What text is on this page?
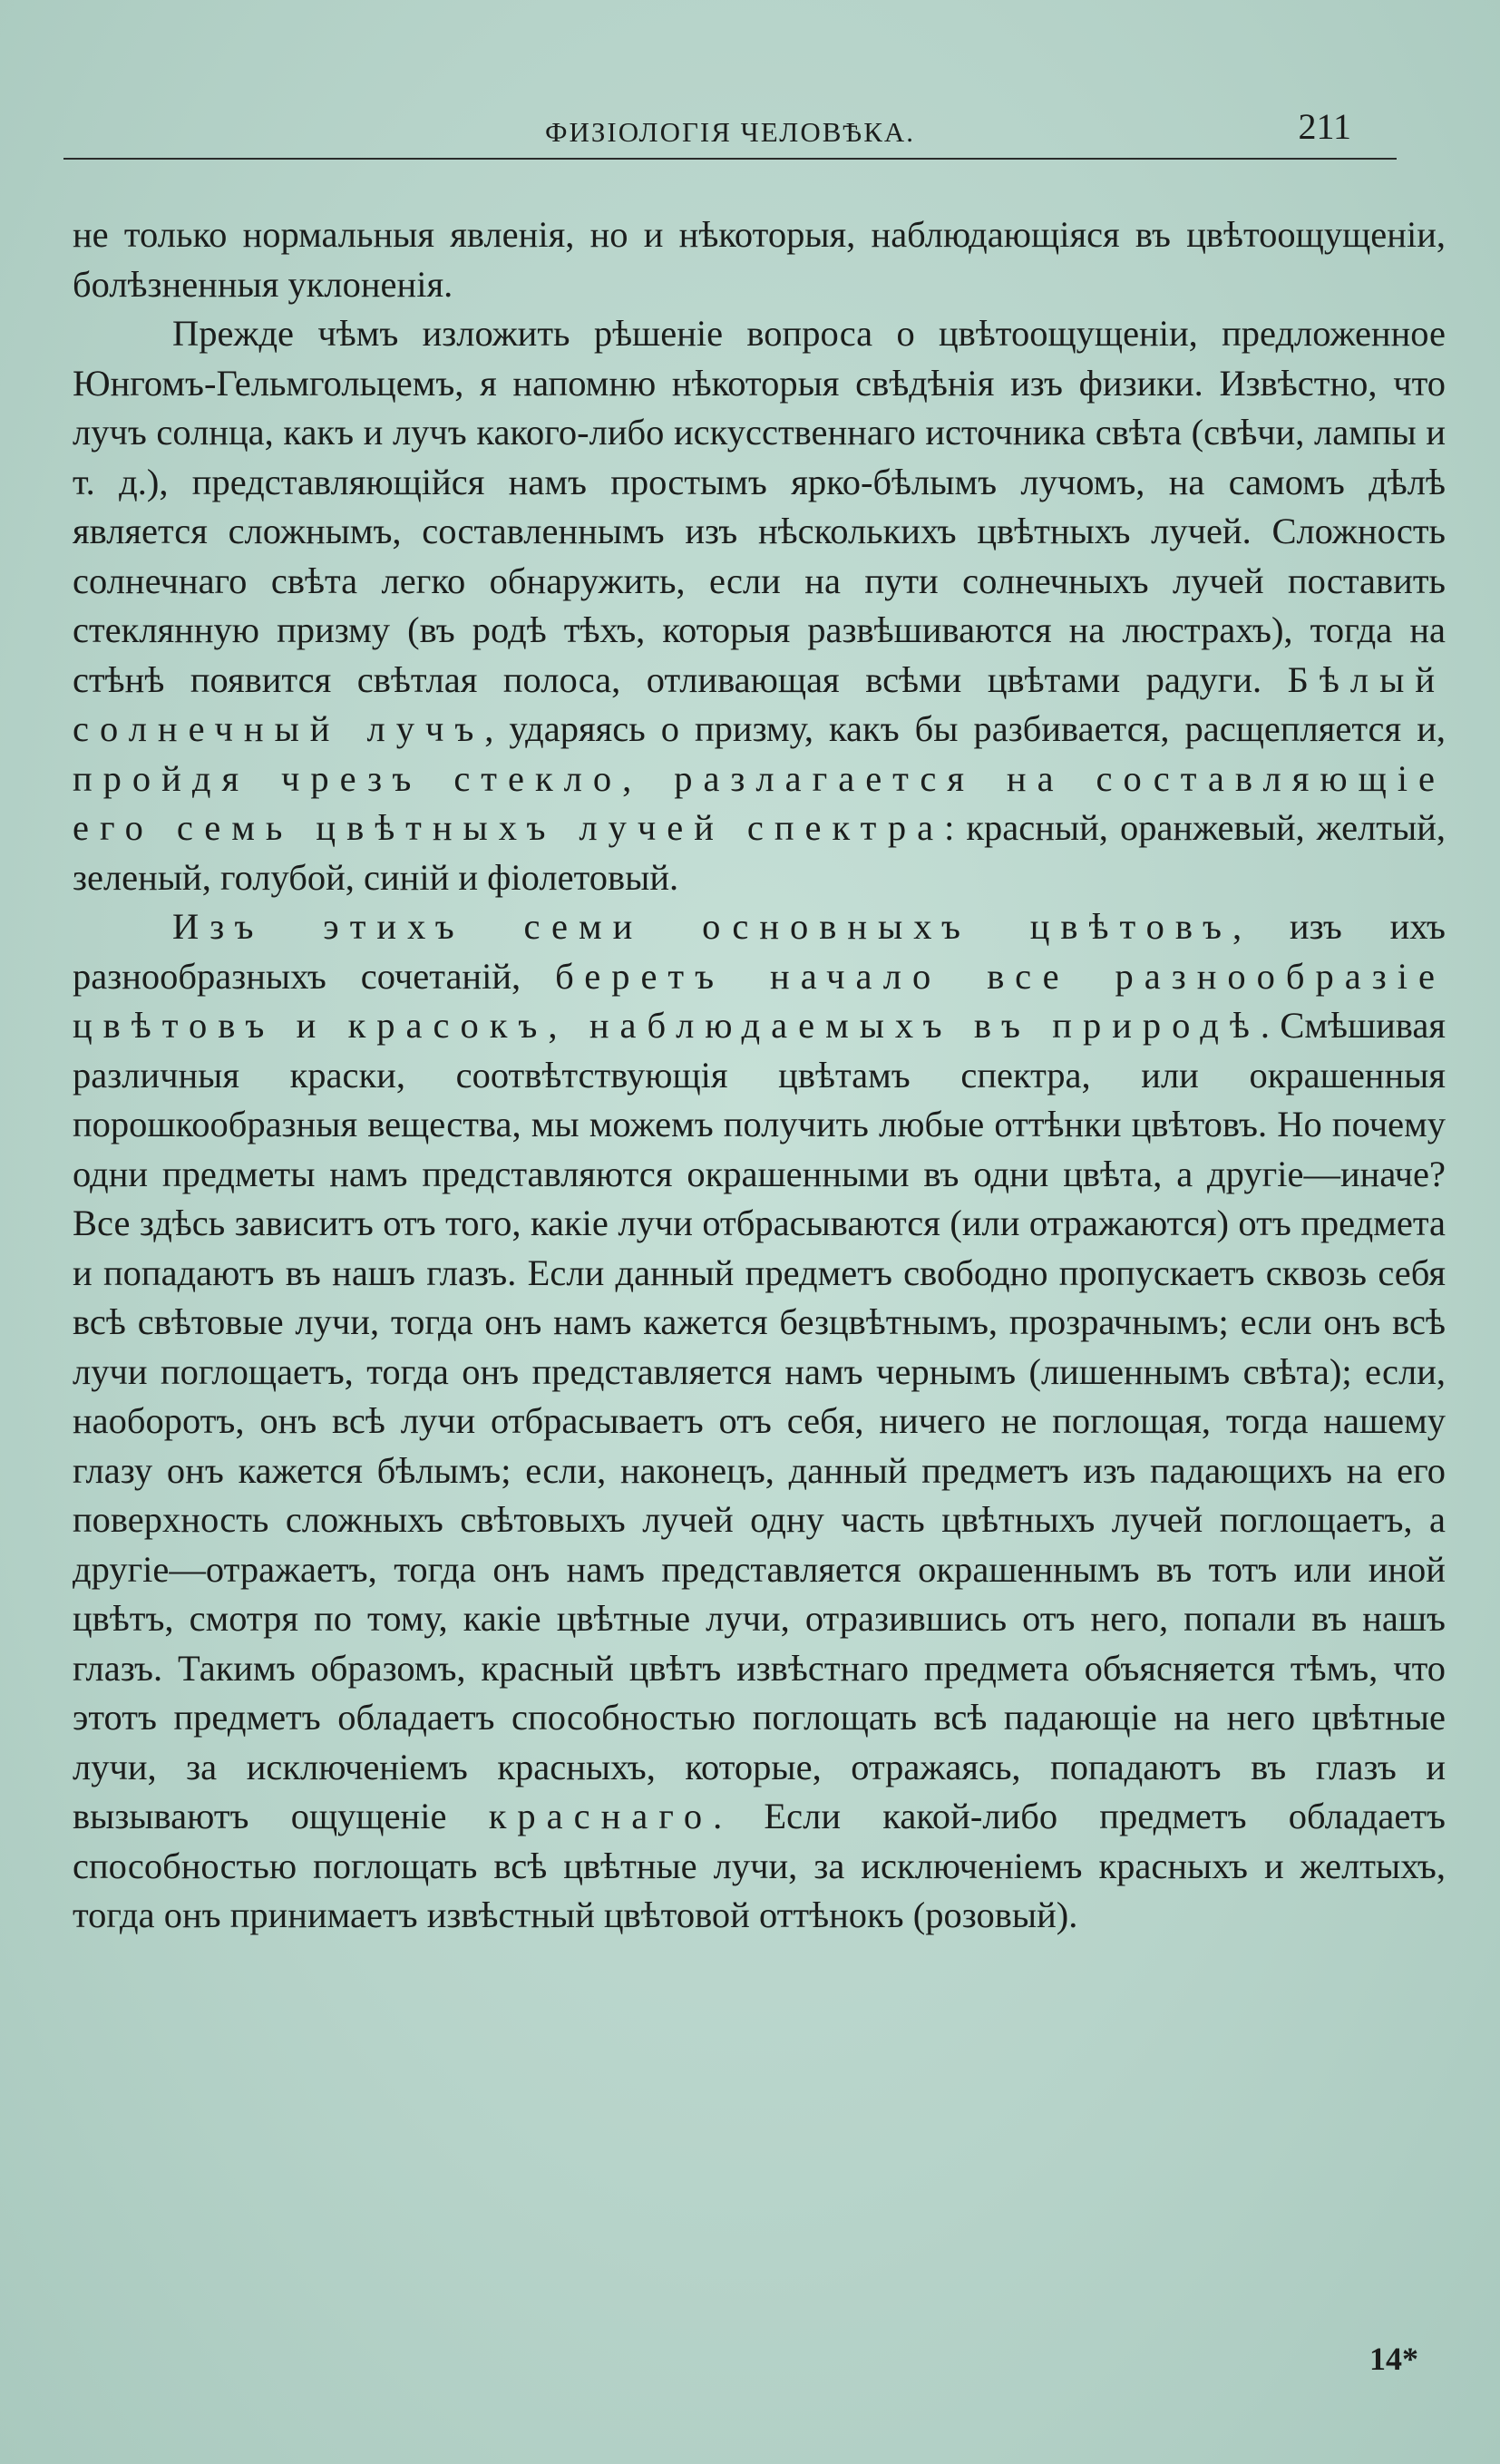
ФИЗІОЛОГІЯ ЧЕЛОВѢКА.	211

не только нормальныя явленія, но и нѣкоторыя, наблюдающіяся въ цвѣтоощущеніи, болѣзненныя уклоненія.

Прежде чѣмъ изложить рѣшеніе вопроса о цвѣтоощущеніи, предложенное Юнгомъ-Гельмгольцемъ, я напомню нѣкоторыя свѣдѣнія изъ физики. Извѣстно, что лучъ солнца, какъ и лучъ какого-либо искусственнаго источника свѣта (свѣчи, лампы и т. д.), представляющійся намъ простымъ ярко-бѣлымъ лучомъ, на самомъ дѣлѣ является сложнымъ, составленнымъ изъ нѣсколькихъ цвѣтныхъ лучей. Сложность солнечнаго свѣта легко обнаружить, если на пути солнечныхъ лучей поставить стеклянную призму (въ родѣ тѣхъ, которыя развѣшиваются на люстрахъ), тогда на стѣнѣ появится свѣтлая полоса, отливающая всѣми цвѣтами радуги. Бѣлый солнечный лучъ, ударяясь о призму, какъ бы разбивается, расщепляется и, пройдя чрезъ стекло, разлагается на составляющіе его семь цвѣтныхъ лучей спектра: красный, оранжевый, желтый, зеленый, голубой, синій и фіолетовый.

Изъ этихъ семи основныхъ цвѣтовъ, изъ ихъ разнообразныхъ сочетаній, беретъ начало все разнообразіе цвѣтовъ и красокъ, наблюдаемыхъ въ природѣ. Смѣшивая различныя краски, соотвѣтствующія цвѣтамъ спектра, или окрашенныя порошкообразныя вещества, мы можемъ получить любые оттѣнки цвѣтовъ. Но почему одни предметы намъ представляются окрашенными въ одни цвѣта, а другіе—иначе? Все здѣсь зависитъ отъ того, какіе лучи отбрасываются (или отражаются) отъ предмета и попадаютъ въ нашъ глазъ. Если данный предметъ свободно пропускаетъ сквозь себя всѣ свѣтовые лучи, тогда онъ намъ кажется безцвѣтнымъ, прозрачнымъ; если онъ всѣ лучи поглощаетъ, тогда онъ представляется намъ чернымъ (лишеннымъ свѣта); если, наоборотъ, онъ всѣ лучи отбрасываетъ отъ себя, ничего не поглощая, тогда нашему глазу онъ кажется бѣлымъ; если, наконецъ, данный предметъ изъ падающихъ на его поверхность сложныхъ свѣтовыхъ лучей одну часть цвѣтныхъ лучей поглощаетъ, а другіе—отражаетъ, тогда онъ намъ представляется окрашеннымъ въ тотъ или иной цвѣтъ, смотря по тому, какіе цвѣтные лучи, отразившись отъ него, попали въ нашъ глазъ. Такимъ образомъ, красный цвѣтъ извѣстнаго предмета объясняется тѣмъ, что этотъ предметъ обладаетъ способностью поглощать всѣ падающіе на него цвѣтные лучи, за исключеніемъ красныхъ, которые, отражаясь, попадаютъ въ глазъ и вызываютъ ощущеніе краснаго. Если какой-либо предметъ обладаетъ способностью поглощать всѣ цвѣтные лучи, за исключеніемъ красныхъ и желтыхъ, тогда онъ принимаетъ извѣстный цвѣтовой оттѣнокъ (розовый).

14*
